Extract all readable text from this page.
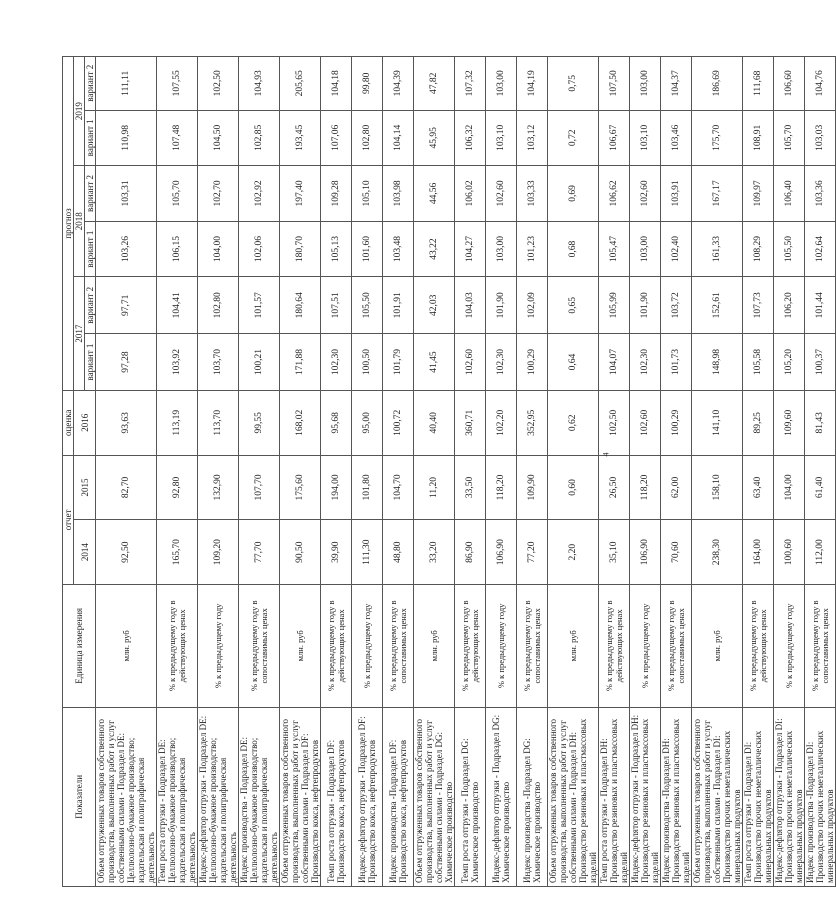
Показатели	Единица измерения	отчет		оценка	прогноз					
		2014	2015	2016	2017		2018		2019	
					вариант 1	вариант 2	вариант 1	вариант 2	вариант 1	вариант 2
Объем отгруженных товаров собственного производства, выполненных работ и услуг собственными силами - Подраздел DE: Целлюлозно-бумажное производство; издательская и полиграфическая деятельность	млн. руб	92,50	82,70	93,63	97,28	97,71	103,26	103,31	110,98	111,11
Темп роста отгрузки - Подраздел DE: Целлюлозно-бумажное производство; издательская и полиграфическая деятельность	% к предыдущему году в действующих ценах	165,70	92,80	113,19	103,92	104,41	106,15	105,70	107,48	107,55
Индекс-дефлятор отгрузки - Подраздел DE: Целлюлозно-бумажное производство; издательская и полиграфическая деятельность	% к предыдущему году	109,20	132,90	113,70	103,70	102,80	104,00	102,70	104,50	102,50
Индекс производства - Подраздел DE: Целлюлозно-бумажное производство; издательская и полиграфическая деятельность	% к предыдущему году в сопоставимых ценах	77,70	107,70	99,55	100,21	101,57	102,06	102,92	102,85	104,93
Объем отгруженных товаров собственного производства, выполненных работ и услуг собственными силами - Подраздел DF: Производство кокса, нефтепродуктов	млн. руб	90,50	175,60	168,02	171,88	180,64	180,70	197,40	193,45	205,65
Темп роста отгрузки - Подраздел DF: Производство кокса, нефтепродуктов	% к предыдущему году в действующих ценах	39,90	194,00	95,68	102,30	107,51	105,13	109,28	107,06	104,18
Индекс-дефлятор отгрузки - Подраздел DF: Производство кокса, нефтепродуктов	% к предыдущему году	111,30	101,80	95,00	100,50	105,50	101,60	105,10	102,80	99,80
Индекс производства -Подраздел DF: Производство кокса, нефтепродуктов	% к предыдущему году в сопоставимых ценах	48,80	104,70	100,72	101,79	101,91	103,48	103,98	104,14	104,39
Объем отгруженных товаров собственного производства, выполненных работ и услуг собственными силами - Подраздел DG: Химическое производство	млн. руб	33,20	11,20	40,40	41,45	42,03	43,22	44,56	45,95	47,82
Темп роста отгрузки - Подраздел DG: Химическое производство	% к предыдущему году в действующих ценах	86,90	33,50	360,71	102,60	104,03	104,27	106,02	106,32	107,32
Индекс-дефлятор отгрузки - Подраздел DG: Химическое производство	% к предыдущему году	106,90	118,20	102,20	102,30	101,90	103,00	102,60	103,10	103,00
Индекс производства -Подраздел DG: Химическое производство	% к предыдущему году в сопоставимых ценах	77,20	109,90	352,95	100,29	102,09	101,23	103,33	103,12	104,19
Объем отгруженных товаров собственного производства, выполненных работ и услуг собственными силами - Подраздел DH: Производство резиновых и пластмассовых изделий	млн. руб	2,20	0,60	0,62	0,64	0,65	0,68	0,69	0,72	0,75
Темп роста отгрузки - Подраздел DH: Производство резиновых и пластмассовых изделий	% к предыдущему году в действующих ценах	35,10	26,50	102,50	104,07	105,99	105,47	106,62	106,67	107,50
Индекс-дефлятор отгрузки - Подраздел DH: Производство резиновых и пластмассовых изделий	% к предыдущему году	106,90	118,20	102,60	102,30	101,90	103,00	102,60	103,10	103,00
Индекс производства -Подраздел DH: Производство резиновых и пластмассовых изделий	% к предыдущему году в сопоставимых ценах	70,60	62,00	100,29	101,73	103,72	102,40	103,91	103,46	104,37
Объем отгруженных товаров собственного производства, выполненных работ и услуг собственными силами - Подраздел DI: Производство прочих неметаллических минеральных продуктов	млн. руб	238,30	158,10	141,10	148,98	152,61	161,33	167,17	175,70	186,69
Темп роста отгрузки - Подраздел DI: Производство прочих неметаллических минеральных продуктов	% к предыдущему году в действующих ценах	164,00	63,40	89,25	105,58	107,73	108,29	109,97	108,91	111,68
Индекс-дефлятор отгрузки - Подраздел DI: Производство прочих неметаллических минеральных продуктов	% к предыдущему году	100,60	104,00	109,60	105,20	106,20	105,50	106,40	105,70	106,60
Индекс производства -Подраздел DI: Производство прочих неметаллических минеральных продуктов	% к предыдущему году в сопоставимых ценах	112,00	61,40	81,43	100,37	101,44	102,64	103,36	103,03	104,76
4
